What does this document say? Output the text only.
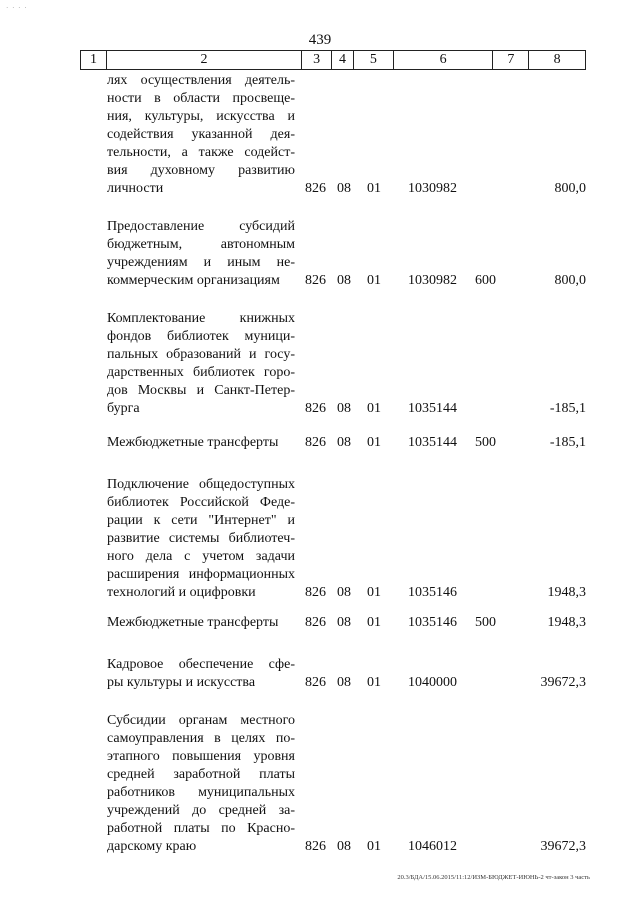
· · · ·
439
1	2	3	4	5	6	7	8
лях осуществления деятель-
ности в области просвеще-
ния, культуры, искусства и
содействия указанной дея-
тельности, а также содейст-
вия духовному развитию
личности	826 08 01 1030982	800,0
Предоставление субсидий
бюджетным, автономным
учреждениям и иным не-
коммерческим организациям	826 08 01 1030982 600	800,0
Комплектование книжных
фондов библиотек муници-
пальных образований и госу-
дарственных библиотек горо-
дов Москвы и Санкт-Петер-
бурга	826 08 01 1035144	-185,1
Межбюджетные трансферты	826 08 01 1035144 500	-185,1
Подключение общедоступных
библиотек Российской Феде-
рации к сети "Интернет" и
развитие системы библиотеч-
ного дела с учетом задачи
расширения информационных
технологий и оцифровки	826 08 01 1035146	1948,3
Межбюджетные трансферты	826 08 01 1035146 500	1948,3
Кадровое обеспечение сфе-
ры культуры и искусства	826 08 01 1040000	39672,3
Субсидии органам местного
самоуправления в целях по-
этапного повышения уровня
средней заработной платы
работников муниципальных
учреждений до средней за-
работной платы по Красно-
дарскому краю	826 08 01 1046012	39672,3
20.3/БДА/15.06.2015/11:12/ИЗМ-БЮДЖЕТ-ИЮНЬ-2 чт-закон 3 часть
